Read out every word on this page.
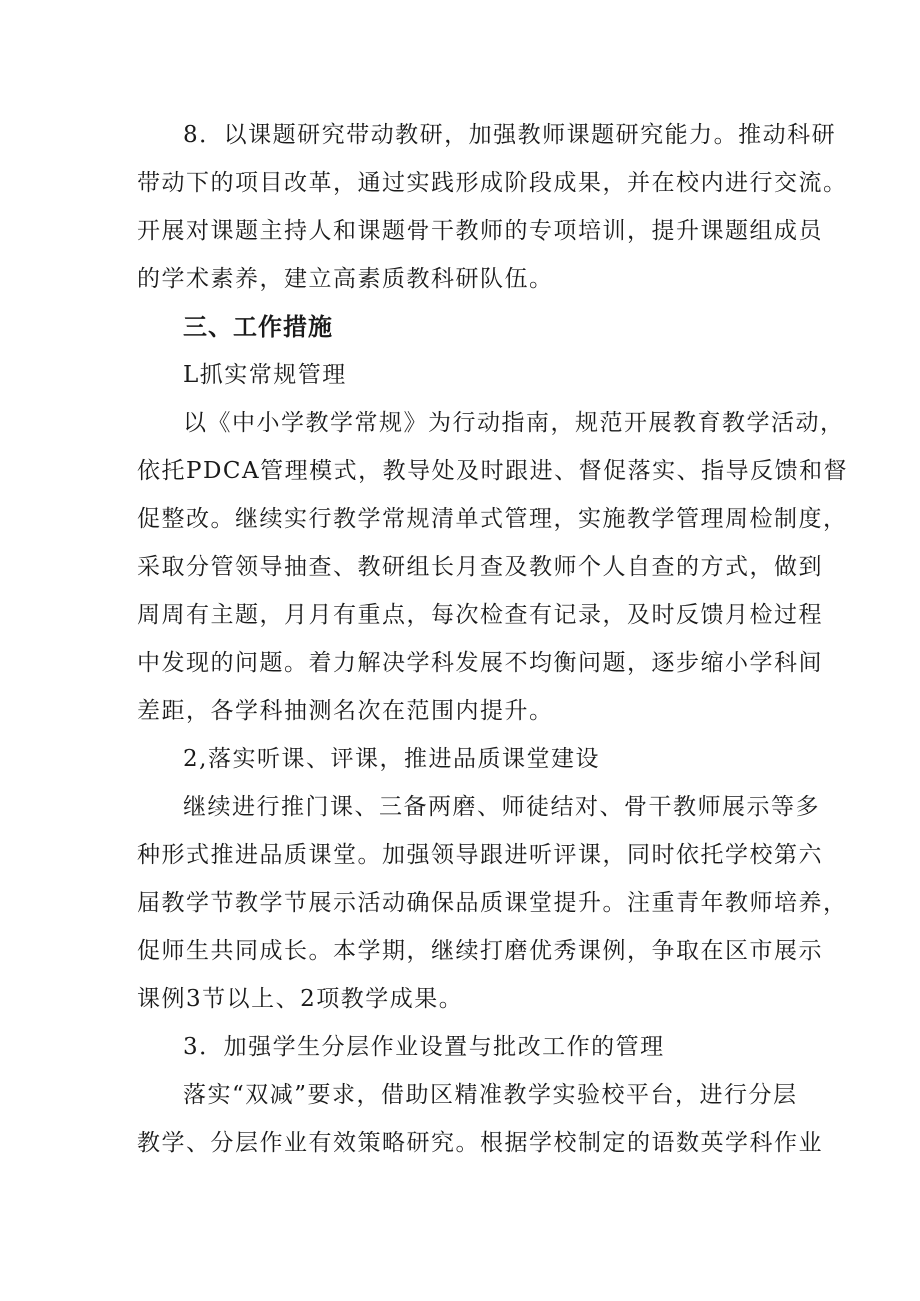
8．以课题研究带动教研，加强教师课题研究能力。推动科研
带动下的项目改革，通过实践形成阶段成果，并在校内进行交流。
开展对课题主持人和课题骨干教师的专项培训，提升课题组成员
的学术素养，建立高素质教科研队伍。
三、工作措施
L抓实常规管理
以《中小学教学常规》为行动指南，规范开展教育教学活动，
依托PDCA管理模式，教导处及时跟进、督促落实、指导反馈和督
促整改。继续实行教学常规清单式管理，实施教学管理周检制度，
采取分管领导抽查、教研组长月查及教师个人自查的方式，做到
周周有主题，月月有重点，每次检查有记录，及时反馈月检过程
中发现的问题。着力解决学科发展不均衡问题，逐步缩小学科间
差距，各学科抽测名次在范围内提升。
2,落实听课、评课，推进品质课堂建设
继续进行推门课、三备两磨、师徒结对、骨干教师展示等多
种形式推进品质课堂。加强领导跟进听评课，同时依托学校第六
届教学节教学节展示活动确保品质课堂提升。注重青年教师培养，
促师生共同成长。本学期，继续打磨优秀课例，争取在区市展示
课例3节以上、2项教学成果。
3．加强学生分层作业设置与批改工作的管理
落实“双减”要求，借助区精准教学实验校平台，进行分层
教学、分层作业有效策略研究。根据学校制定的语数英学科作业
